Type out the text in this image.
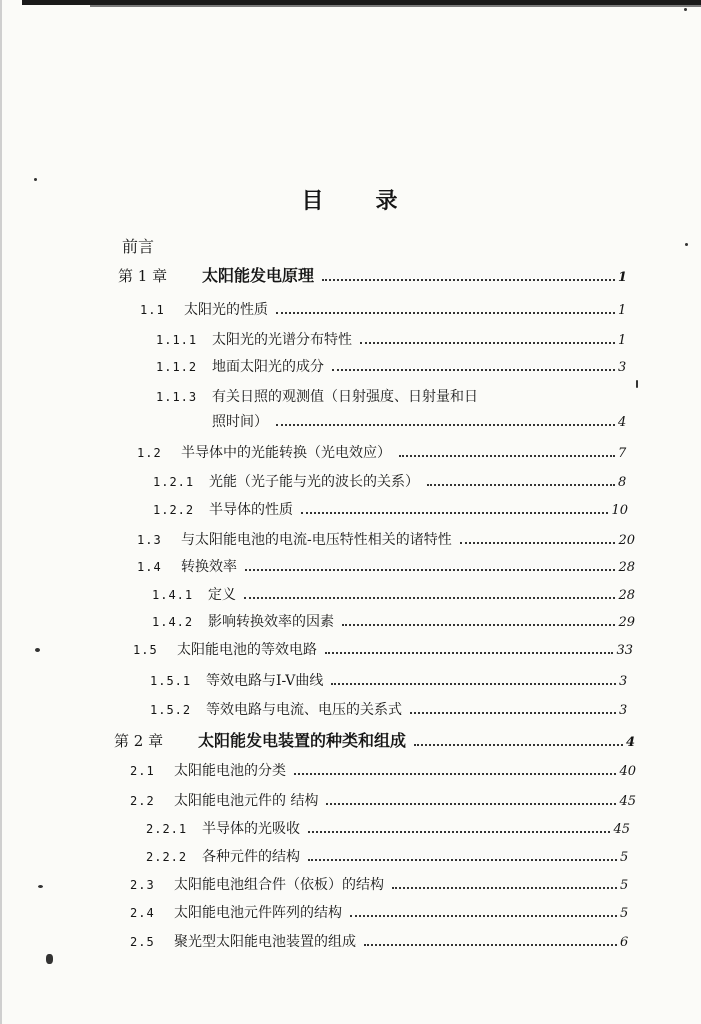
目 录
前言
第 1 章	太阳能发电原理	1
1.1	太阳光的性质	1
1.1.1	太阳光的光谱分布特性	1
1.1.2	地面太阳光的成分	3
1.1.3	有关日照的观测值（日射强度、日射量和日
照时间）	4
1.2	半导体中的光能转换（光电效应）	7
1.2.1	光能（光子能与光的波长的关系）	8
1.2.2	半导体的性质	10
1.3	与太阳能电池的电流-电压特性相关的诸特性	20
1.4	转换效率	28
1.4.1	定义	28
1.4.2	影响转换效率的因素	29
1.5	太阳能电池的等效电路	33
1.5.1	等效电路与I-V曲线	3
1.5.2	等效电路与电流、电压的关系式	3
第 2 章	太阳能发电装置的种类和组成	4
2.1	太阳能电池的分类	40
2.2	太阳能电池元件的 结构	45
2.2.1	半导体的光吸收	45
2.2.2	各种元件的结构	5
2.3	太阳能电池组合件（依板）的结构	5
2.4	太阳能电池元件阵列的结构	5
2.5	聚光型太阳能电池装置的组成	6
